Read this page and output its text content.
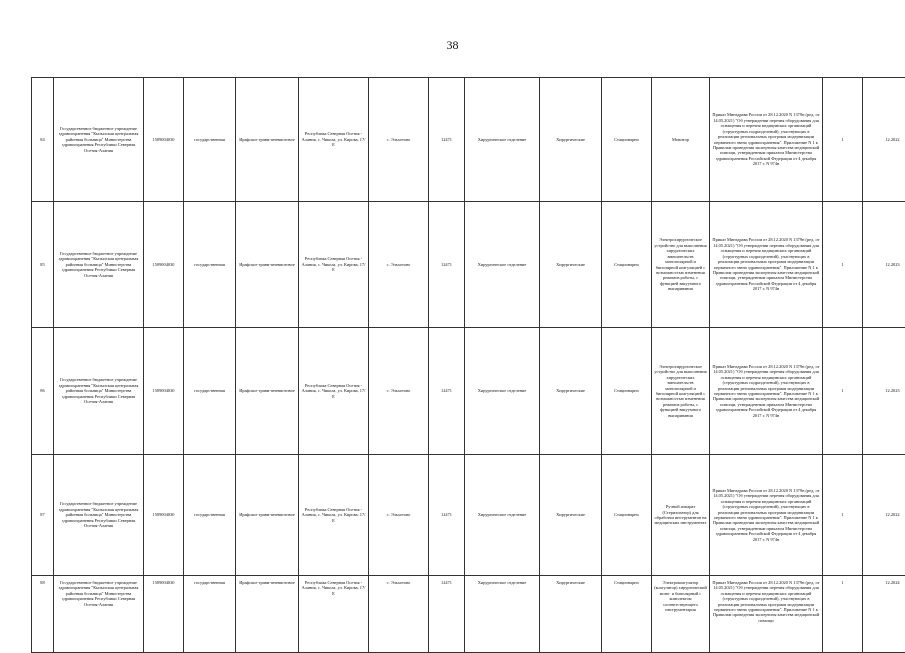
38
84	Государственное бюджетное учреждение здравоохранения "Кызылская центральная районная больница" Министерства здравоохранения Республики Северная Осетия-Алания	1509004030	государственная	Ирафское травм-пневмотовое	Республика Северная Осетия - Алания, с. Чикола, ул. Кирова, 17/Е	с. Эльхотово	12471	Хирургическое отделение	Хирургические	Стационарно	Монитор	Приказ Минздрава России от 28.12.2020 N 1379н (ред. от 14.05.2021) "Об утверждении перечня оборудования для оснащения и перечня медицинских организаций (структурных подразделений), участвующих в реализации региональных программ модернизации первичного звена здравоохранения". Приложение N 1 к Правилам проведения экспертизы качества медицинской помощи, утвержденным приказом Министерства здравоохранения Российской Федерации от 4 декабря 2017 г. N 974н	1	12.2022
85	Государственное бюджетное учреждение здравоохранения "Кызылская центральная районная больница" Министерства здравоохранения Республики Северная Осетия-Алания	1509004030	государственная	Ирафское травм-пневмотовое	Республика Северная Осетия - Алания, с. Чикола, ул. Кирова, 17/Е	с. Эльхотово	12471	Хирургическое отделение	Хирургические	Стационарно	Электрохирургическое устройство для выполнения хирургических вмешательств монополярной и биполярной коагуляцией с возможностью изменения режимов работы, с функцией вакуумного выпаривания	Приказ Минздрава России от 28.12.2020 N 1379н (ред. от 14.05.2021) "Об утверждении перечня оборудования для оснащения и перечня медицинских организаций (структурных подразделений), участвующих в реализации региональных программ модернизации первичного звена здравоохранения". Приложение N 1 к Правилам проведения экспертизы качества медицинской помощи, утвержденным приказом Министерства здравоохранения Российской Федерации от 4 декабря 2017 г. N 974н	1	12.2023
86	Государственное бюджетное учреждение здравоохранения "Кызылская центральная районная больница" Министерства здравоохранения Республики Северная Осетия-Алания	1509004030	государственная	Ирафское травм-пневмотовое	Республика Северная Осетия - Алания, с. Чикола, ул. Кирова, 17/Е	с. Эльхотово	12471	Хирургическое отделение	Хирургические	Стационарно	Электрохирургическое устройство для выполнения хирургических вмешательств монополярной и биполярной коагуляцией с возможностью изменения режимов работы, с функцией вакуумного выпаривания	Приказ Минздрава России от 28.12.2020 N 1379н (ред. от 14.05.2021) "Об утверждении перечня оборудования для оснащения и перечня медицинских организаций (структурных подразделений), участвующих в реализации региональных программ модернизации первичного звена здравоохранения". Приложение N 1 к Правилам проведения экспертизы качества медицинской помощи, утвержденным приказом Министерства здравоохранения Российской Федерации от 4 декабря 2017 г. N 974н	1	12.2023
87	Государственное бюджетное учреждение здравоохранения "Кызылская центральная районная больница" Министерства здравоохранения Республики Северная Осетия-Алания	1509004030	государственная	Ирафское травм-пневмотовое	Республика Северная Осетия - Алания, с. Чикола, ул. Кирова, 17/Е	с. Эльхотово	12471	Хирургическое отделение	Хирургические	Стационарно	Ручной аппарат (Стерилизатор) для обработки инструментов на медицинских инструментах	Приказ Минздрава России от 28.12.2020 N 1379н (ред. от 14.05.2021) "Об утверждении перечня оборудования для оснащения и перечня медицинских организаций (структурных подразделений), участвующих в реализации региональных программ модернизации первичного звена здравоохранения". Приложение N 1 к Правилам проведения экспертизы качества медицинской помощи, утвержденным приказом Министерства здравоохранения Российской Федерации от 4 декабря 2017 г. N 974н	1	12.2022
88	Государственное бюджетное учреждение здравоохранения "Кызылская центральная районная больница" Министерства здравоохранения Республики Северная Осетия-Алания	1509004030	государственная	Ирафское травм-пневмотовое	Республика Северная Осетия - Алания, с. Чикола, ул. Кирова, 17/Е	с. Эльхотово	12471	Хирургическое отделение	Хирургические	Стационарно	Электрокоагулятор (коагулятор) хирургический моно- и биполярный с комплектом соответствующего инструментария	Приказ Минздрава России от 28.12.2020 N 1379н (ред. от 14.05.2021) "Об утверждении перечня оборудования для оснащения и перечня медицинских организаций (структурных подразделений), участвующих в реализации региональных программ модернизации первичного звена здравоохранения". Приложение N 1 к Правилам проведения экспертизы качества медицинской помощи	1	12.2024
